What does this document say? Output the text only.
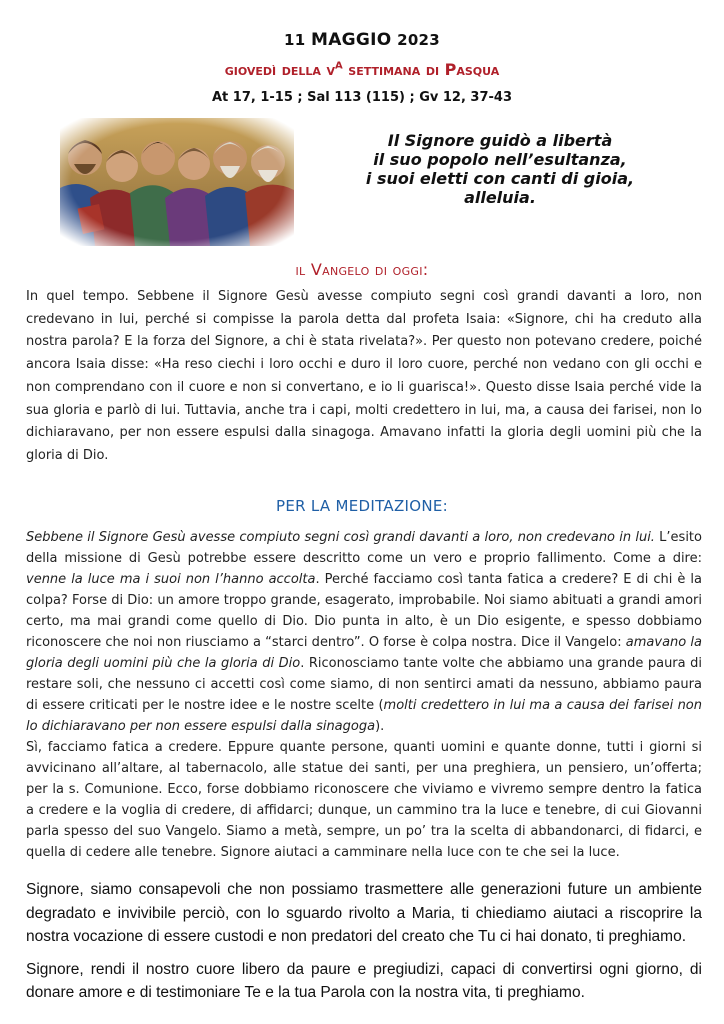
11 MAGGIO 2023
giovedì della $v^A$ settimana di Pasqua
At 17, 1-15 ; Sal 113 (115) ; Gv 12, 37-43
Il Signore guidò a libertà
il suo popolo nell’esultanza,
i suoi eletti con canti di gioia,
alleluia.
il Vangelo di oggi:

In quel tempo. Sebbene il Signore Gesù avesse compiuto segni così grandi davanti a loro, non credevano in lui, perché si compisse la parola detta dal profeta Isaia: «Signore, chi ha creduto alla nostra parola? E la forza del Signore, a chi è stata rivelata?». Per questo non potevano credere, poiché ancora Isaia disse: «Ha reso ciechi i loro occhi e duro il loro cuore, perché non vedano con gli occhi e non comprendano con il cuore e non si convertano, e io li guarisca!». Questo disse Isaia perché vide la sua gloria e parlò di lui. Tuttavia, anche tra i capi, molti credettero in lui, ma, a causa dei farisei, non lo dichiaravano, per non essere espulsi dalla sinagoga. Amavano infatti la gloria degli uomini più che la gloria di Dio.

PER LA MEDITAZIONE:

Sebbene il Signore Gesù avesse compiuto segni così grandi davanti a loro, non credevano in lui. L’esito della missione di Gesù potrebbe essere descritto come un vero e proprio fallimento. Come a dire: venne la luce ma i suoi non l’hanno accolta. Perché facciamo così tanta fatica a credere? E di chi è la colpa? Forse di Dio: un amore troppo grande, esagerato, improbabile. Noi siamo abituati a grandi amori certo, ma mai grandi come quello di Dio. Dio punta in alto, è un Dio esigente, e spesso dobbiamo riconoscere che noi non riusciamo a “starci dentro”. O forse è colpa nostra. Dice il Vangelo: amavano la gloria degli uomini più che la gloria di Dio. Riconosciamo tante volte che abbiamo una grande paura di restare soli, che nessuno ci accetti così come siamo, di non sentirci amati da nessuno, abbiamo paura di essere criticati per le nostre idee e le nostre scelte (molti credettero in lui ma a causa dei farisei non lo dichiaravano per non essere espulsi dalla sinagoga).

Sì, facciamo fatica a credere. Eppure quante persone, quanti uomini e quante donne, tutti i giorni si avvicinano all’altare, al tabernacolo, alle statue dei santi, per una preghiera, un pensiero, un’offerta; per la s. Comunione. Ecco, forse dobbiamo riconoscere che viviamo e vivremo sempre dentro la fatica a credere e la voglia di credere, di affidarci; dunque, un cammino tra la luce e tenebre, di cui Giovanni parla spesso del suo Vangelo. Siamo a metà, sempre, un po’ tra la scelta di abbandonarci, di fidarci, e quella di cedere alle tenebre. Signore aiutaci a camminare nella luce con te che sei la luce.

Signore, siamo consapevoli che non possiamo trasmettere alle generazioni future un ambiente degradato e invivibile perciò, con lo sguardo rivolto a Maria, ti chiediamo aiutaci a riscoprire la nostra vocazione di essere custodi e non predatori del creato che Tu ci hai donato, ti preghiamo.

Signore, rendi il nostro cuore libero da paure e pregiudizi, capaci di convertirsi ogni giorno, di donare amore e di testimoniare Te e la tua Parola con la nostra vita, ti preghiamo.
